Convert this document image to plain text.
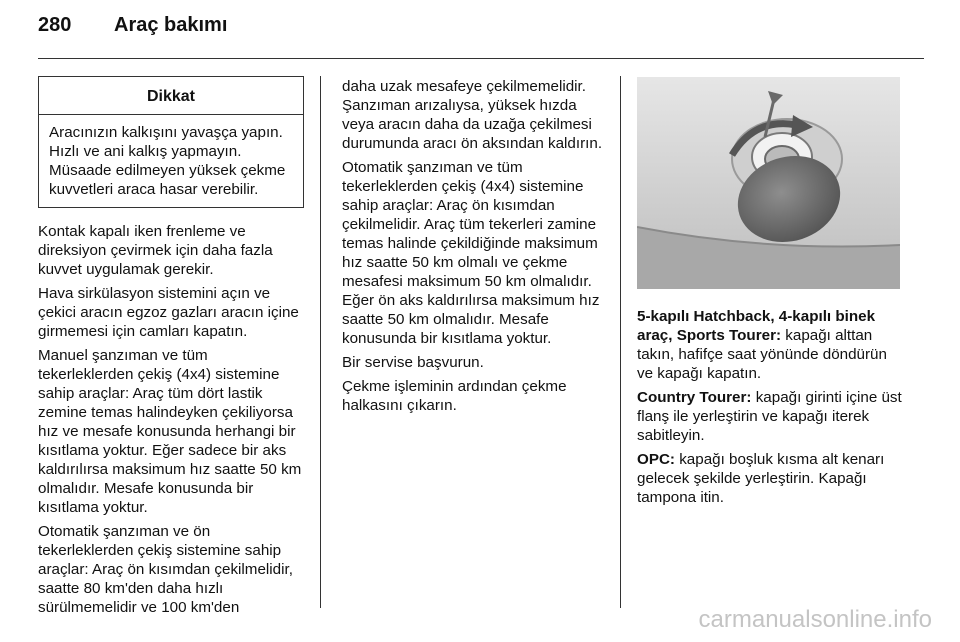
280 Araç bakımı
Dikkat
Aracınızın kalkışını yavaşça yapın. Hızlı ve ani kalkış yapmayın. Müsaade edilmeyen yüksek çekme kuvvetleri araca hasar verebilir.

Kontak kapalı iken frenleme ve direksiyon çevirmek için daha fazla kuvvet uygulamak gerekir.

Hava sirkülasyon sistemini açın ve çekici aracın egzoz gazları aracın içine girmemesi için camları kapatın.

Manuel şanzıman ve tüm tekerleklerden çekiş (4x4) sistemine sahip araçlar: Araç tüm dört lastik zemine temas halindeyken çekiliyorsa hız ve mesafe konusunda herhangi bir kısıtlama yoktur. Eğer sadece bir aks kaldırılırsa maksimum hız saatte 50 km olmalıdır. Mesafe konusunda bir kısıtlama yoktur.

Otomatik şanzıman ve ön tekerleklerden çekiş sistemine sahip araçlar: Araç ön kısımdan çekilmelidir, saatte 80 km'den daha hızlı sürülmemelidir ve 100 km'den

daha uzak mesafeye çekilmemelidir. Şanzıman arızalıysa, yüksek hızda veya aracın daha da uzağa çekilmesi durumunda aracı ön aksından kaldırın.

Otomatik şanzıman ve tüm tekerleklerden çekiş (4x4) sistemine sahip araçlar: Araç ön kısımdan çekilmelidir. Araç tüm tekerleri zamine temas halinde çekildiğinde maksimum hız saatte 50 km olmalı ve çekme mesafesi maksimum 50 km olmalıdır. Eğer ön aks kaldırılırsa maksimum hız saatte 50 km olmalıdır. Mesafe konusunda bir kısıtlama yoktur.

Bir servise başvurun.

Çekme işleminin ardından çekme halkasını çıkarın.

5-kapılı Hatchback, 4-kapılı binek araç, Sports Tourer: kapağı alttan takın, hafifçe saat yönünde döndürün ve kapağı kapatın.

Country Tourer: kapağı girinti içine üst flanş ile yerleştirin ve kapağı iterek sabitleyin.

OPC: kapağı boşluk kısma alt kenarı gelecek şekilde yerleştirin. Kapağı tampona itin.

carmanualsonline.info
